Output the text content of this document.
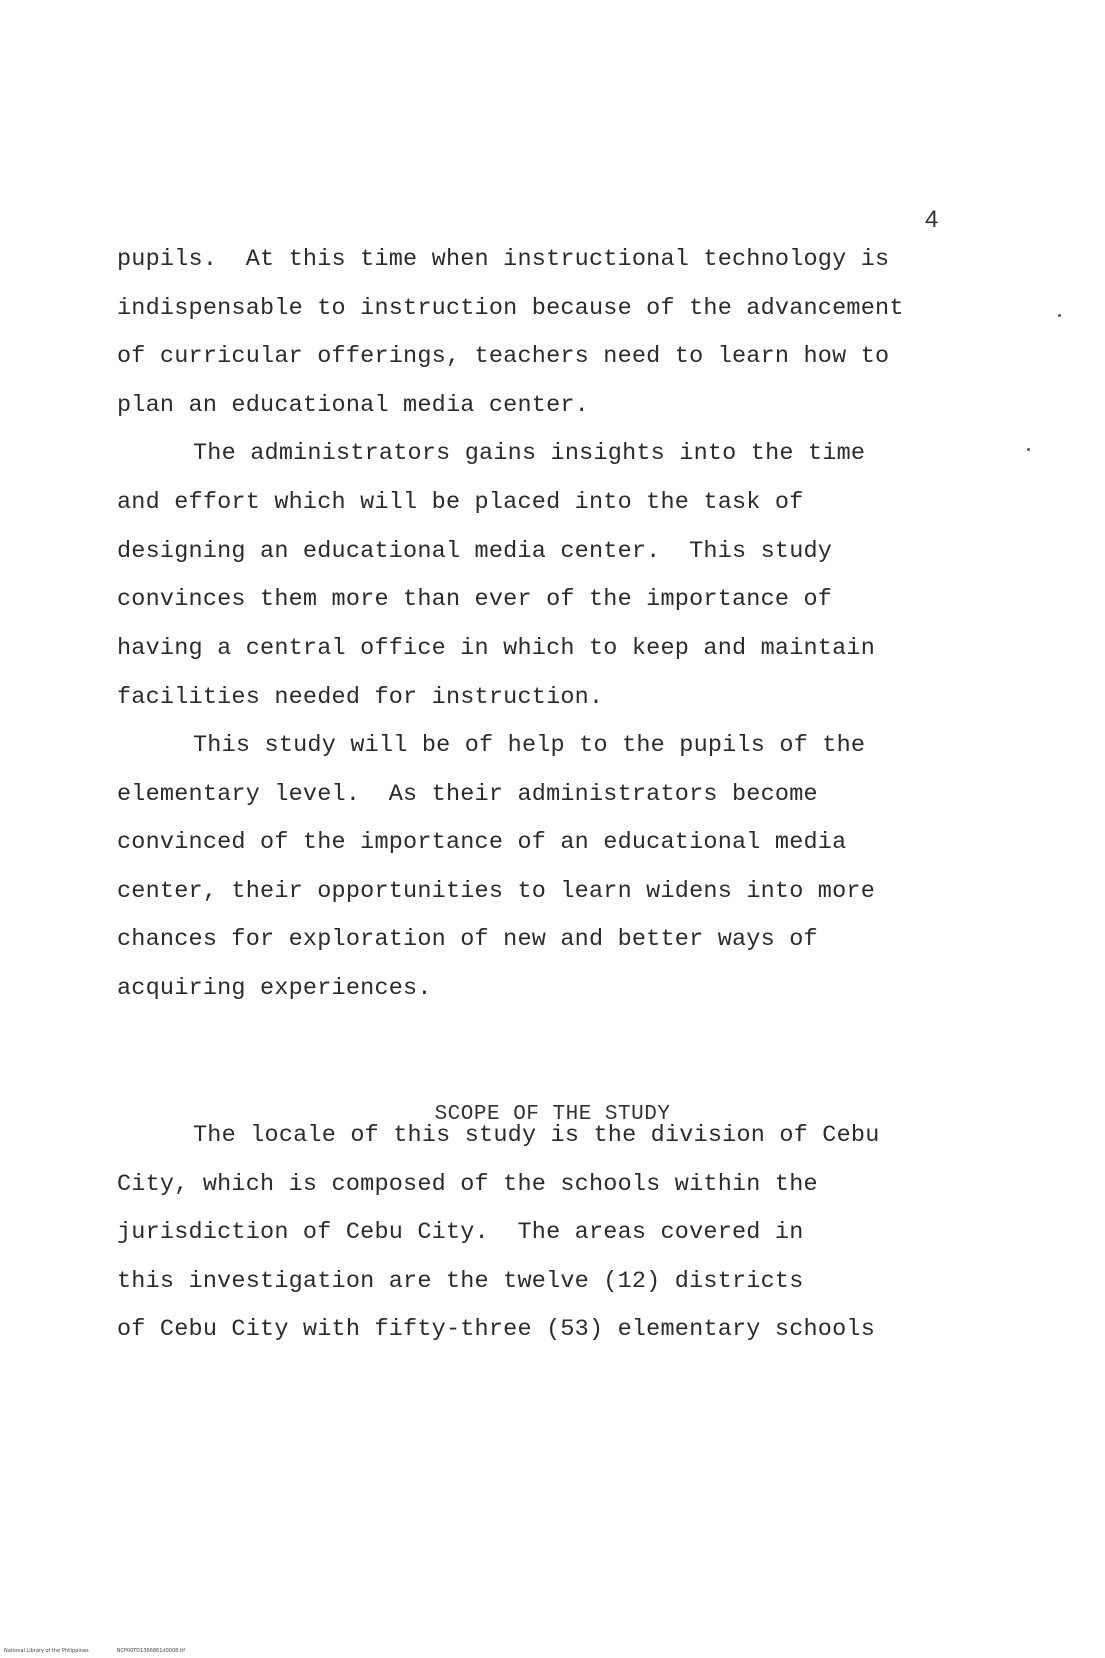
4
pupils.  At this time when instructional technology is
indispensable to instruction because of the advancement
of curricular offerings, teachers need to learn how to
plan an educational media center.
The administrators gains insights into the time
and effort which will be placed into the task of
designing an educational media center.  This study
convinces them more than ever of the importance of
having a central office in which to keep and maintain
facilities needed for instruction.
This study will be of help to the pupils of the
elementary level.  As their administrators become
convinced of the importance of an educational media
center, their opportunities to learn widens into more
chances for exploration of new and better ways of
acquiring experiences.
SCOPE OF THE STUDY
The locale of this study is the division of Cebu
City, which is composed of the schools within the
jurisdiction of Cebu City.  The areas covered in
this investigation are the twelve (12) districts
of Cebu City with fifty-three (53) elementary schools
National Library of the Philippines	NCP00TD1366861d0008.tif
